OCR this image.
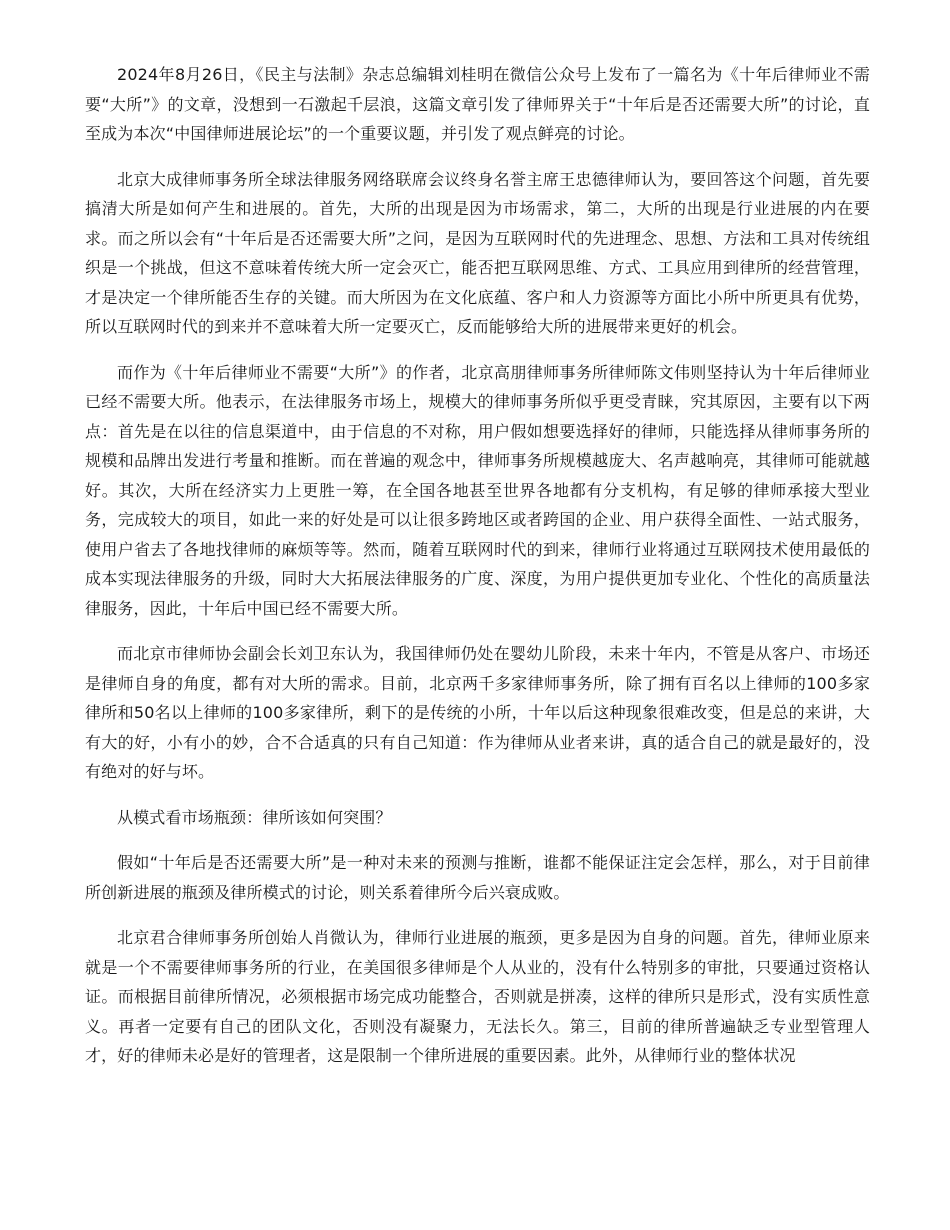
2024年8月26日，《民主与法制》杂志总编辑刘桂明在微信公众号上发布了一篇名为《十年后律师业不需要“大所”》的文章，没想到一石激起千层浪，这篇文章引发了律师界关于“十年后是否还需要大所”的讨论，直至成为本次“中国律师进展论坛”的一个重要议题，并引发了观点鲜亮的讨论。

北京大成律师事务所全球法律服务网络联席会议终身名誉主席王忠德律师认为，要回答这个问题，首先要搞清大所是如何产生和进展的。首先，大所的出现是因为市场需求，第二，大所的出现是行业进展的内在要求。而之所以会有“十年后是否还需要大所”之问，是因为互联网时代的先进理念、思想、方法和工具对传统组织是一个挑战，但这不意味着传统大所一定会灭亡，能否把互联网思维、方式、工具应用到律所的经营管理，才是决定一个律所能否生存的关键。而大所因为在文化底蕴、客户和人力资源等方面比小所中所更具有优势，所以互联网时代的到来并不意味着大所一定要灭亡，反而能够给大所的进展带来更好的机会。

而作为《十年后律师业不需要“大所”》的作者，北京高朋律师事务所律师陈文伟则坚持认为十年后律师业已经不需要大所。他表示，在法律服务市场上，规模大的律师事务所似乎更受青睐，究其原因，主要有以下两点：首先是在以往的信息渠道中，由于信息的不对称，用户假如想要选择好的律师，只能选择从律师事务所的规模和品牌出发进行考量和推断。而在普遍的观念中，律师事务所规模越庞大、名声越响亮，其律师可能就越好。其次，大所在经济实力上更胜一筹，在全国各地甚至世界各地都有分支机构，有足够的律师承接大型业务，完成较大的项目，如此一来的好处是可以让很多跨地区或者跨国的企业、用户获得全面性、一站式服务，使用户省去了各地找律师的麻烦等等。然而，随着互联网时代的到来，律师行业将通过互联网技术使用最低的成本实现法律服务的升级，同时大大拓展法律服务的广度、深度，为用户提供更加专业化、个性化的高质量法律服务，因此，十年后中国已经不需要大所。

而北京市律师协会副会长刘卫东认为，我国律师仍处在婴幼儿阶段，未来十年内，不管是从客户、市场还是律师自身的角度，都有对大所的需求。目前，北京两千多家律师事务所，除了拥有百名以上律师的100多家律所和50名以上律师的100多家律所，剩下的是传统的小所，十年以后这种现象很难改变，但是总的来讲，大有大的好，小有小的妙，合不合适真的只有自己知道：作为律师从业者来讲，真的适合自己的就是最好的，没有绝对的好与坏。

从模式看市场瓶颈：律所该如何突围？

假如“十年后是否还需要大所”是一种对未来的预测与推断，谁都不能保证注定会怎样，那么，对于目前律所创新进展的瓶颈及律所模式的讨论，则关系着律所今后兴衰成败。

北京君合律师事务所创始人肖微认为，律师行业进展的瓶颈，更多是因为自身的问题。首先，律师业原来就是一个不需要律师事务所的行业，在美国很多律师是个人从业的，没有什么特别多的审批，只要通过资格认证。而根据目前律所情况，必须根据市场完成功能整合，否则就是拼凑，这样的律所只是形式，没有实质性意义。再者一定要有自己的团队文化，否则没有凝聚力，无法长久。第三，目前的律所普遍缺乏专业型管理人才，好的律师未必是好的管理者，这是限制一个律所进展的重要因素。此外，从律师行业的整体状况
